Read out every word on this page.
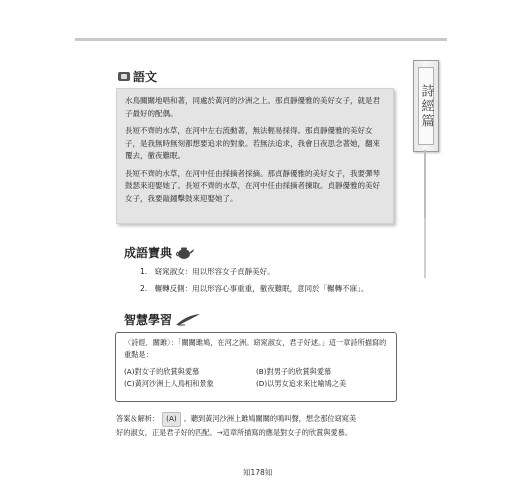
詩經篇
語文

水鳥關關地唱和著，同處於黃河的沙洲之上。那貞靜優雅的美好女子，就是君子最好的配偶。

長短不齊的水草，在河中左右流動著，無法輕易採得。那貞靜優雅的美好女子，是我無時無刻都想要追求的對象。若無法追求，我會日夜思念著她，翻來覆去，徹夜難眠。

長短不齊的水草，在河中任由採摘者採摘。那貞靜優雅的美好女子，我要彈琴鼓瑟來迎娶她了。長短不齊的水草，在河中任由採摘者揀取。貞靜優雅的美好女子，我要敲鐘擊鼓來迎娶她了。

成語寶典
1.　窈窕淑女：用以形容女子貞靜美好。
2.　輾轉反側：用以形容心事重重，徹夜難眠，意同於「輾轉不寐」。
智慧學習
〈詩經．關雎〉：「關關雎鳩，在河之洲。窈窕淑女，君子好逑。」這一章詩所描寫的重點是：
(A)對女子的欣賞與愛慕	(B)對男子的欣賞與愛慕
(C)黃河沙洲上人鳥相和景象	(D)以男女追求來比喻鳩之美
答案＆解析： (A) 。聽到黃河沙洲上雎鳩關關的鳴叫聲，想念那位窈窕美
好的淑女，正是君子好的匹配。→這章所描寫的應是對女子的欣賞與愛慕。
知178知
